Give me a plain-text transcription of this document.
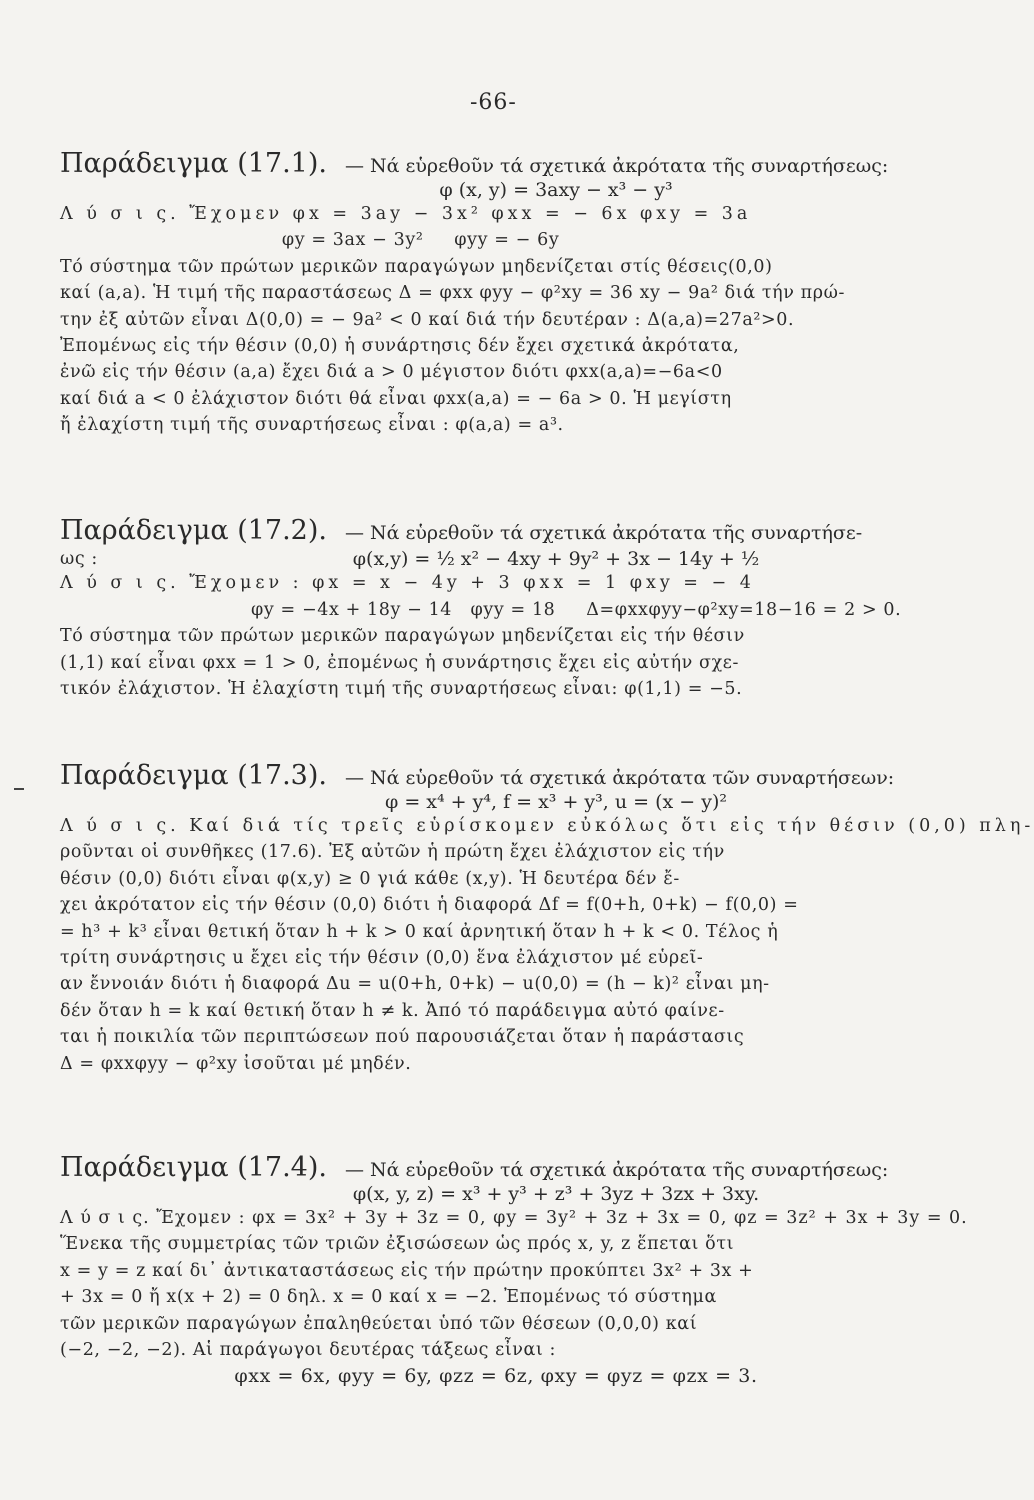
-66-
Παράδειγμα (17.1). — Νά εὑρεθοῦν τά σχετικά ἀκρότατα τῆς συναρτήσεως:
φ (x, y) = 3axy − x³ − y³
Λ ύ σ ι ς. Ἔχομεν φx = 3ay − 3x² φxx = − 6x φxy = 3a
φy = 3ax − 3y²     φyy = − 6y
Τό σύστημα τῶν πρώτων μερικῶν παραγώγων μηδενίζεται στίς θέσεις(0,0)
καί (a,a). Ἡ τιμή τῆς παραστάσεως Δ = φxx φyy − φ²xy = 36 xy − 9a² διά τήν πρώ-
την ἐξ αὐτῶν εἶναι Δ(0,0) = − 9a² < 0 καί διά τήν δευτέραν : Δ(a,a)=27a²>0.
Ἐπομένως εἰς τήν θέσιν (0,0) ἡ συνάρτησις δέν ἔχει σχετικά ἀκρότατα,
ἐνῶ εἰς τήν θέσιν (a,a) ἔχει διά a > 0 μέγιστον διότι φxx(a,a)=−6a<0
καί διά a < 0 ἐλάχιστον διότι θά εἶναι φxx(a,a) = − 6a > 0. Ἡ μεγίστη
ἤ ἐλαχίστη τιμή τῆς συναρτήσεως εἶναι : φ(a,a) = a³.
Παράδειγμα (17.2). — Νά εὑρεθοῦν τά σχετικά ἀκρότατα τῆς συναρτήσε-
ως :	φ(x,y) = ½ x² − 4xy + 9y² + 3x − 14y + ½
Λ ύ σ ι ς. Ἔχομεν : φx = x − 4y + 3 φxx = 1 φxy = − 4
φy = −4x + 18y − 14   φyy = 18     Δ=φxxφyy−φ²xy=18−16 = 2 > 0.
Τό σύστημα τῶν πρώτων μερικῶν παραγώγων μηδενίζεται εἰς τήν θέσιν
(1,1) καί εἶναι φxx = 1 > 0, ἐπομένως ἡ συνάρτησις ἔχει εἰς αὐτήν σχε-
τικόν ἐλάχιστον. Ἡ ἐλαχίστη τιμή τῆς συναρτήσεως εἶναι: φ(1,1) = −5.
Παράδειγμα (17.3). — Νά εὑρεθοῦν τά σχετικά ἀκρότατα τῶν συναρτήσεων:
φ = x⁴ + y⁴, f = x³ + y³, u = (x − y)²
Λ ύ σ ι ς. Καί διά τίς τρεῖς εὑρίσκομεν εὐκόλως ὅτι εἰς τήν θέσιν (0,0) πλη-
ροῦνται οἱ συνθῆκες (17.6). Ἐξ αὐτῶν ἡ πρώτη ἔχει ἐλάχιστον εἰς τήν
θέσιν (0,0) διότι εἶναι φ(x,y) ≥ 0 γιά κάθε (x,y). Ἡ δευτέρα δέν ἔ-
χει ἀκρότατον εἰς τήν θέσιν (0,0) διότι ἡ διαφορά Δf = f(0+h, 0+k) − f(0,0) =
= h³ + k³ εἶναι θετική ὅταν h + k > 0 καί ἀρνητική ὅταν h + k < 0. Τέλος ἡ
τρίτη συνάρτησις u ἔχει εἰς τήν θέσιν (0,0) ἕνα ἐλάχιστον μέ εὑρεῖ-
αν ἔννοιάν διότι ἡ διαφορά Δu = u(0+h, 0+k) − u(0,0) = (h − k)² εἶναι μη-
δέν ὅταν h = k καί θετική ὅταν h ≠ k. Ἀπό τό παράδειγμα αὐτό φαίνε-
ται ἡ ποικιλία τῶν περιπτώσεων πού παρουσιάζεται ὅταν ἡ παράστασις
Δ = φxxφyy − φ²xy ἰσοῦται μέ μηδέν.
Παράδειγμα (17.4). — Νά εὑρεθοῦν τά σχετικά ἀκρότατα τῆς συναρτήσεως:
φ(x, y, z) = x³ + y³ + z³ + 3yz + 3zx + 3xy.
Λ ύ σ ι ς. Ἔχομεν : φx = 3x² + 3y + 3z = 0, φy = 3y² + 3z + 3x = 0, φz = 3z² + 3x + 3y = 0.
Ἕνεκα τῆς συμμετρίας τῶν τριῶν ἐξισώσεων ὡς πρός x, y, z ἕπεται ὅτι
x = y = z καί δι᾽ ἀντικαταστάσεως εἰς τήν πρώτην προκύπτει 3x² + 3x +
+ 3x = 0 ἤ x(x + 2) = 0 δηλ. x = 0 καί x = −2. Ἐπομένως τό σύστημα
τῶν μερικῶν παραγώγων ἐπαληθεύεται ὑπό τῶν θέσεων (0,0,0) καί
(−2, −2, −2). Αἱ παράγωγοι δευτέρας τάξεως εἶναι :
φxx = 6x, φyy = 6y, φzz = 6z, φxy = φyz = φzx = 3.
